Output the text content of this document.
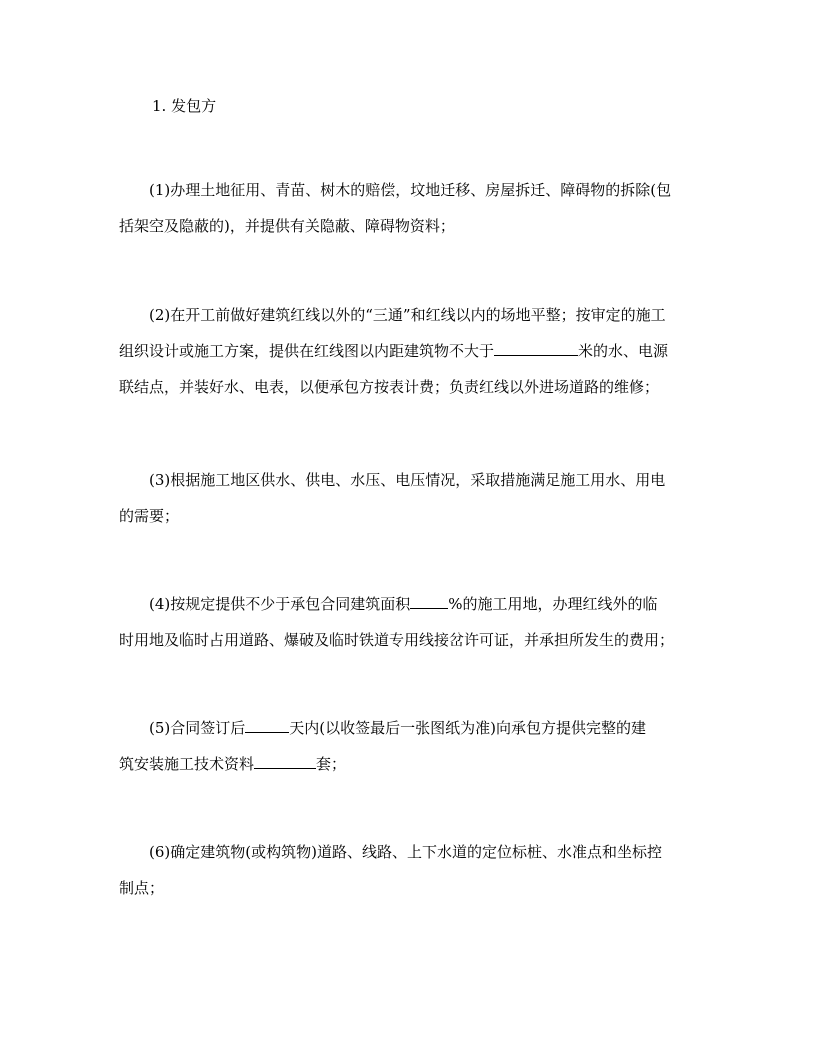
1. 发包方
(1)办理土地征用、青苗、树木的赔偿，坟地迁移、房屋拆迁、障碍物的拆除(包
括架空及隐蔽的)，并提供有关隐蔽、障碍物资料；
(2)在开工前做好建筑红线以外的“三通”和红线以内的场地平整；按审定的施工
组织设计或施工方案，提供在红线图以内距建筑物不大于	米的水、电源
联结点，并装好水、电表，以便承包方按表计费；负责红线以外进场道路的维修；
(3)根据施工地区供水、供电、水压、电压情况，采取措施满足施工用水、用电
的需要；
(4)按规定提供不少于承包合同建筑面积	%的施工用地，办理红线外的临
时用地及临时占用道路、爆破及临时铁道专用线接岔许可证，并承担所发生的费用；
(5)合同签订后	天内(以收签最后一张图纸为准)向承包方提供完整的建
筑安装施工技术资料	套；
(6)确定建筑物(或构筑物)道路、线路、上下水道的定位标桩、水准点和坐标控
制点；
